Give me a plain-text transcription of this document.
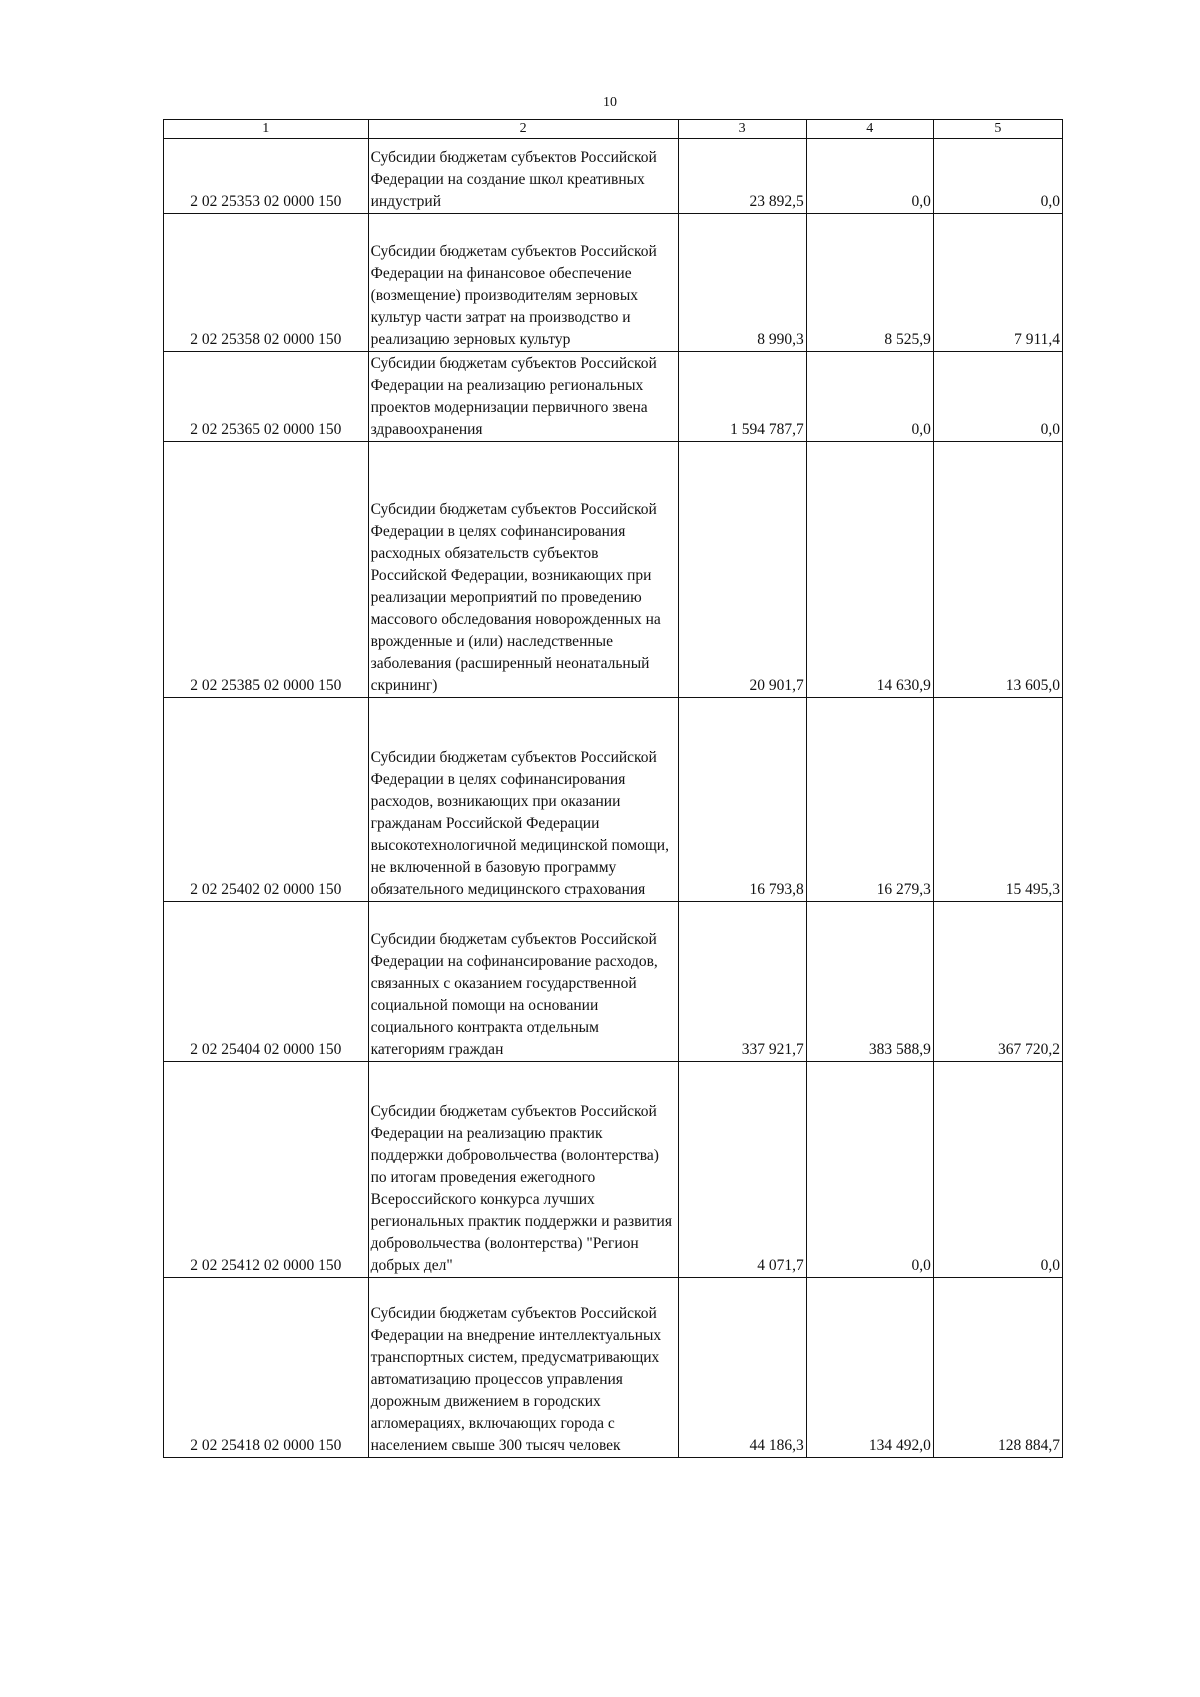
10
1	2	3	4	5
2 02 25353 02 0000 150	Субсидии бюджетам субъектов Российской Федерации на создание школ креативных индустрий	23 892,5	0,0	0,0
2 02 25358 02 0000 150	Субсидии бюджетам субъектов Российской Федерации на финансовое обеспечение (возмещение) производителям зерновых культур части затрат на производство и реализацию зерновых культур	8 990,3	8 525,9	7 911,4
2 02 25365 02 0000 150	Субсидии бюджетам субъектов Российской Федерации на реализацию региональных проектов модернизации первичного звена здравоохранения	1 594 787,7	0,0	0,0
2 02 25385 02 0000 150	Субсидии бюджетам субъектов Российской Федерации в целях софинансирования расходных обязательств субъектов Российской Федерации, возникающих при реализации мероприятий по проведению массового обследования новорожденных на врожденные и (или) наследственные заболевания (расширенный неонатальный скрининг)	20 901,7	14 630,9	13 605,0
2 02 25402 02 0000 150	Субсидии бюджетам субъектов Российской Федерации в целях софинансирования расходов, возникающих при оказании гражданам Российской Федерации высокотехнологичной медицинской помощи, не включенной в базовую программу обязательного медицинского страхования	16 793,8	16 279,3	15 495,3
2 02 25404 02 0000 150	Субсидии бюджетам субъектов Российской Федерации на софинансирование расходов, связанных с оказанием государственной социальной помощи на основании социального контракта отдельным категориям граждан	337 921,7	383 588,9	367 720,2
2 02 25412 02 0000 150	Субсидии бюджетам субъектов Российской Федерации на реализацию практик поддержки добровольчества (волонтерства) по итогам проведения ежегодного Всероссийского конкурса лучших региональных практик поддержки и развития добровольчества (волонтерства) "Регион добрых дел"	4 071,7	0,0	0,0
2 02 25418 02 0000 150	Субсидии бюджетам субъектов Российской Федерации на внедрение интеллектуальных транспортных систем, предусматривающих автоматизацию процессов управления дорожным движением в городских агломерациях, включающих города с населением свыше 300 тысяч человек	44 186,3	134 492,0	128 884,7
